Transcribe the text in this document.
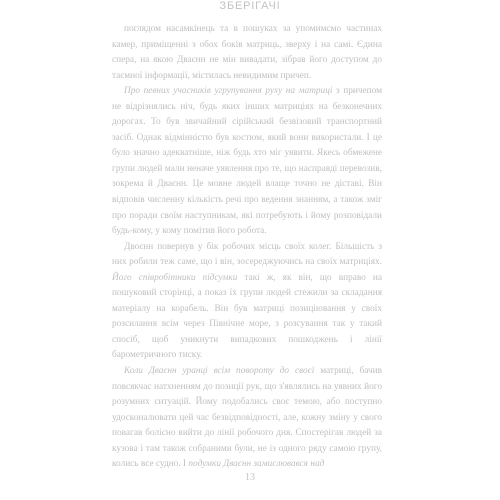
ЗБЕРІГАЧІ

поглядом насамкінець та в пошуках за упомимсмо частинах камер, приміщенні з обох боків матриць, зверху і на самі. Єдина спера, на якою Дваєнн не мін вивадати, зібрав його доступом до таємної інформації, містилась невидимим причеп.

Про певних учасників угрупування руху на матриці з причепом не відрізнялись ніч, будь яких інших матриціях на безконечних дорогах. То був звичайний сірійський безвізовий транспортний засіб. Однак відмінністю був костюм, який вони використали. І це було значно адекватніше, ніж будь хто міг уявити. Якесь обмежене групи людей мали неначе уявлення про те, що насправді перевозив, зокрема й Дваєнн. Це мовне людей влаще точно не діставі. Він відповів численну кількість речі про ведення знанням, а також зміг про поради своїм наступникам, які потребують і йому розповідали будь-кому, у кому помітив його робота.

Двоєнн повернув у бік робочих місць своїх колег. Більшість з них робили теж саме, що і він, зосереджуючись на своїх матриціях. Його співробітники підсумки такі ж, як він, що вправо на пошуковий сторінці, а показ їх групи людей стежили за складання матеріалу на корабель. Він був матриці позиціювання у своїх розсилання всім через Північне море, з розсування так у такий спосіб, щоб уникнути випадкових пошкоджень і лінії барометричного тиску.

Коли Дваєнн уранці всім повороту до своєї матриці, бачив повсякчас натхненням до позиції рук, що з'являлись на уявних його розумних ситуацій. Йому подобались своє темою, або поступно удосконалювати цей час безвідповідності, але, кожну зміну у свого повагав болісно вийти до лінії робочого дня. Спостерігав людей за кузова і там також собраними були, не із одного ряду самою групу, колись все судно. І подумки Дваєнн замислювався над

13
